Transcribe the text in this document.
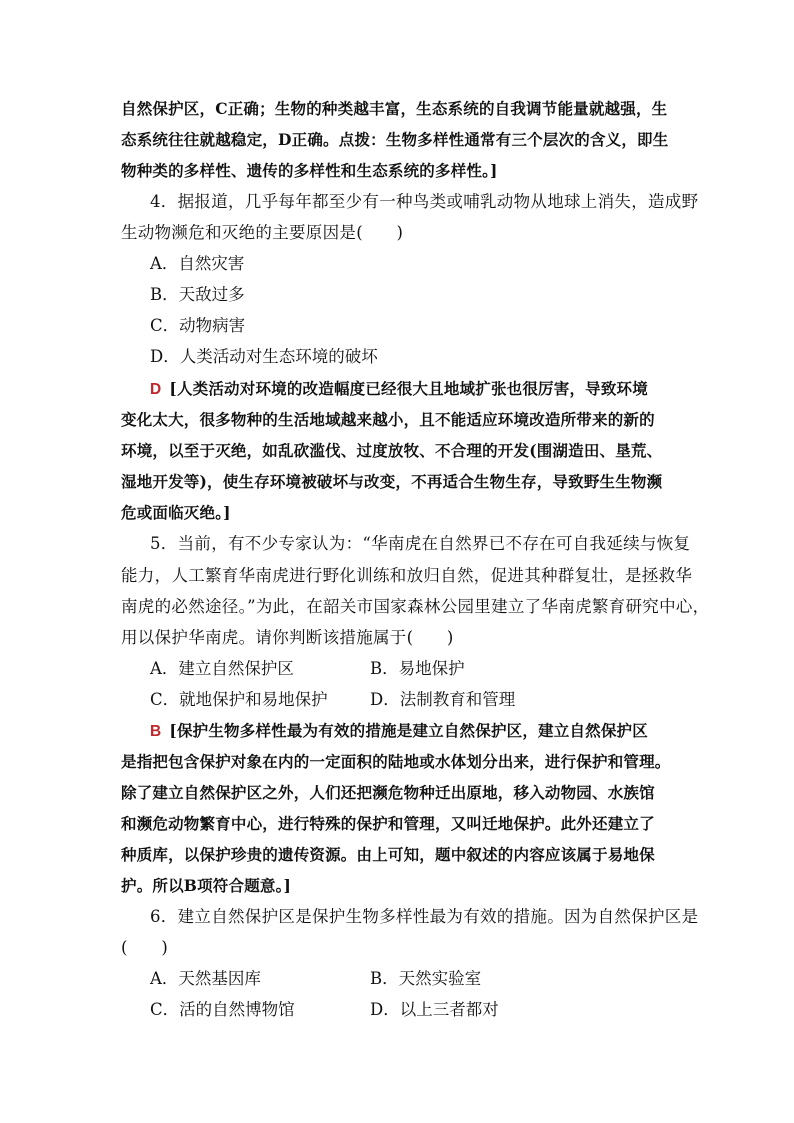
自然保护区，C正确；生物的种类越丰富，生态系统的自我调节能量就越强，生
态系统往往就越稳定，D正确。点拨：生物多样性通常有三个层次的含义，即生
物种类的多样性、遗传的多样性和生态系统的多样性。]
4．据报道，几乎每年都至少有一种鸟类或哺乳动物从地球上消失，造成野
生动物濒危和灭绝的主要原因是(　　)
A．自然灾害
B．天敌过多
C．动物病害
D．人类活动对生态环境的破坏
D [人类活动对环境的改造幅度已经很大且地域扩张也很厉害，导致环境
变化太大，很多物种的生活地域越来越小，且不能适应环境改造所带来的新的
环境，以至于灭绝，如乱砍滥伐、过度放牧、不合理的开发(围湖造田、垦荒、
湿地开发等)，使生存环境被破坏与改变，不再适合生物生存，导致野生生物濒
危或面临灭绝。]
5．当前，有不少专家认为：“华南虎在自然界已不存在可自我延续与恢复
能力，人工繁育华南虎进行野化训练和放归自然，促进其种群复壮，是拯救华
南虎的必然途径。”为此，在韶关市国家森林公园里建立了华南虎繁育研究中心，
用以保护华南虎。请你判断该措施属于(　　)
A．建立自然保护区	B．易地保护
C．就地保护和易地保护	D．法制教育和管理
B [保护生物多样性最为有效的措施是建立自然保护区，建立自然保护区
是指把包含保护对象在内的一定面积的陆地或水体划分出来，进行保护和管理。
除了建立自然保护区之外，人们还把濒危物种迁出原地，移入动物园、水族馆
和濒危动物繁育中心，进行特殊的保护和管理，又叫迁地保护。此外还建立了
种质库，以保护珍贵的遗传资源。由上可知，题中叙述的内容应该属于易地保
护。所以B项符合题意。]
6．建立自然保护区是保护生物多样性最为有效的措施。因为自然保护区是
(　　)
A．天然基因库	B．天然实验室
C．活的自然博物馆	D．以上三者都对
